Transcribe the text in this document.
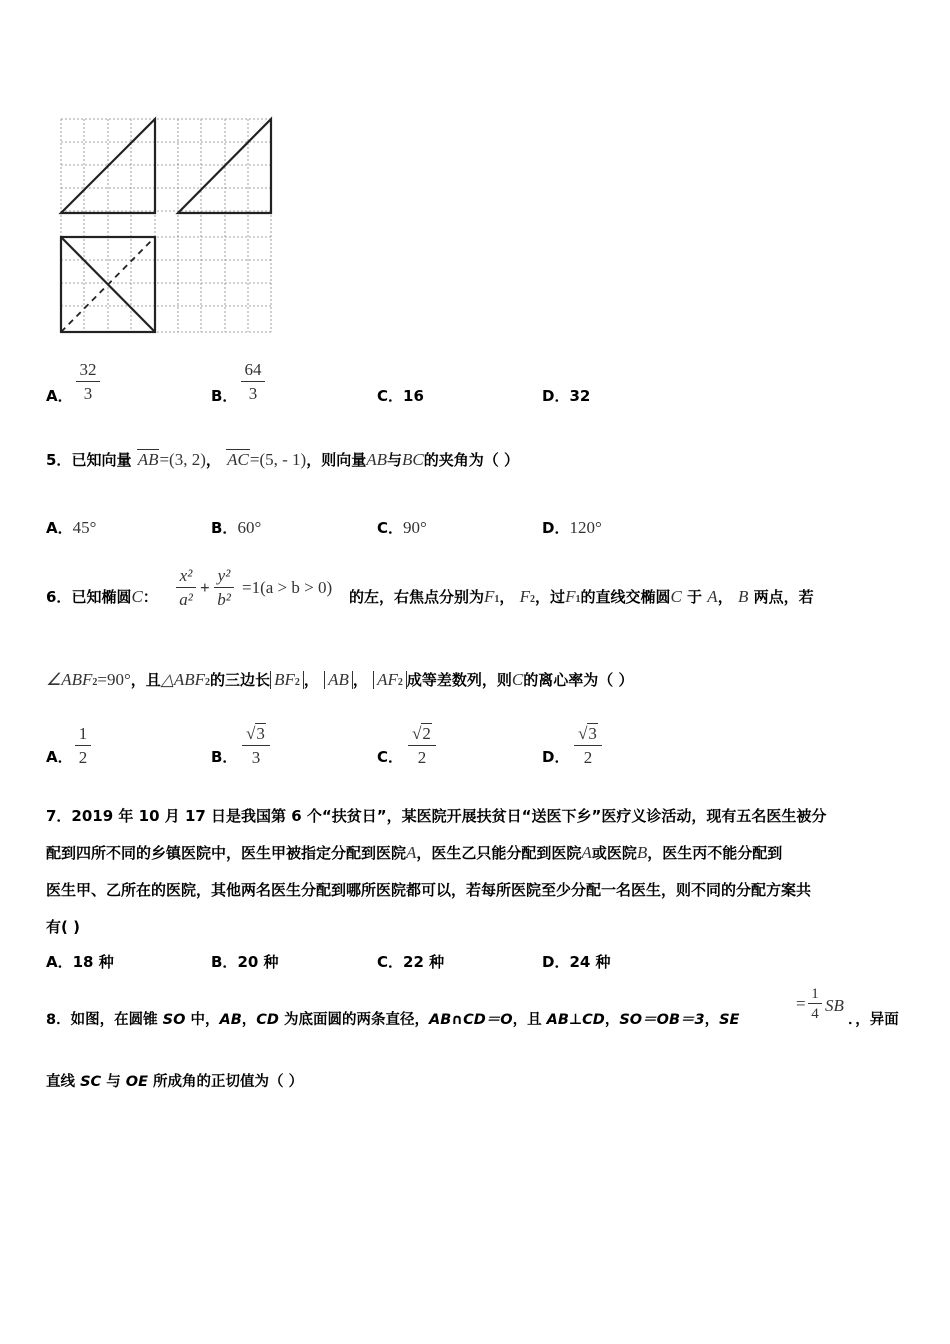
A．
32
3	B．
64
3	C．16	D．32
5．已知向量 AB=(3, 2)， AC=(5, - 1)，则向量AB与BC的夹角为（ ）
A．45°	B．60°	C．90°	D．120°
6．已知椭圆C：
x²
a²
+
y²
b²
=1(a > b > 0) 的左，右焦点分别为F1， F2，过F1的直线交椭圆C 于 A， B 两点，若
∠ABF2=90°，且△ABF2的三边长 BF2 ， AB ， AF2 成等差数列，则C的离心率为（ ）
A．
1
2	B．
√3
3	C．
√2
2	D．
√3
2
7．2019 年 10 月 17 日是我国第 6 个“扶贫日”，某医院开展扶贫日“送医下乡”医疗义诊活动，现有五名医生被分
配到四所不同的乡镇医院中，医生甲被指定分配到医院A，医生乙只能分配到医院A或医院B，医生丙不能分配到
医生甲、乙所在的医院，其他两名医生分配到哪所医院都可以，若每所医院至少分配一名医生，则不同的分配方案共
有( )
A．18 种	B．20 种	C．22 种	D．24 种
8．如图，在圆锥 SO 中，AB，CD 为底面圆的两条直径，AB∩CD＝O，且 AB⊥CD，SO＝OB＝3，SE
= 1
4 SB
．，异面
直线 SC 与 OE 所成角的正切值为（ ）
